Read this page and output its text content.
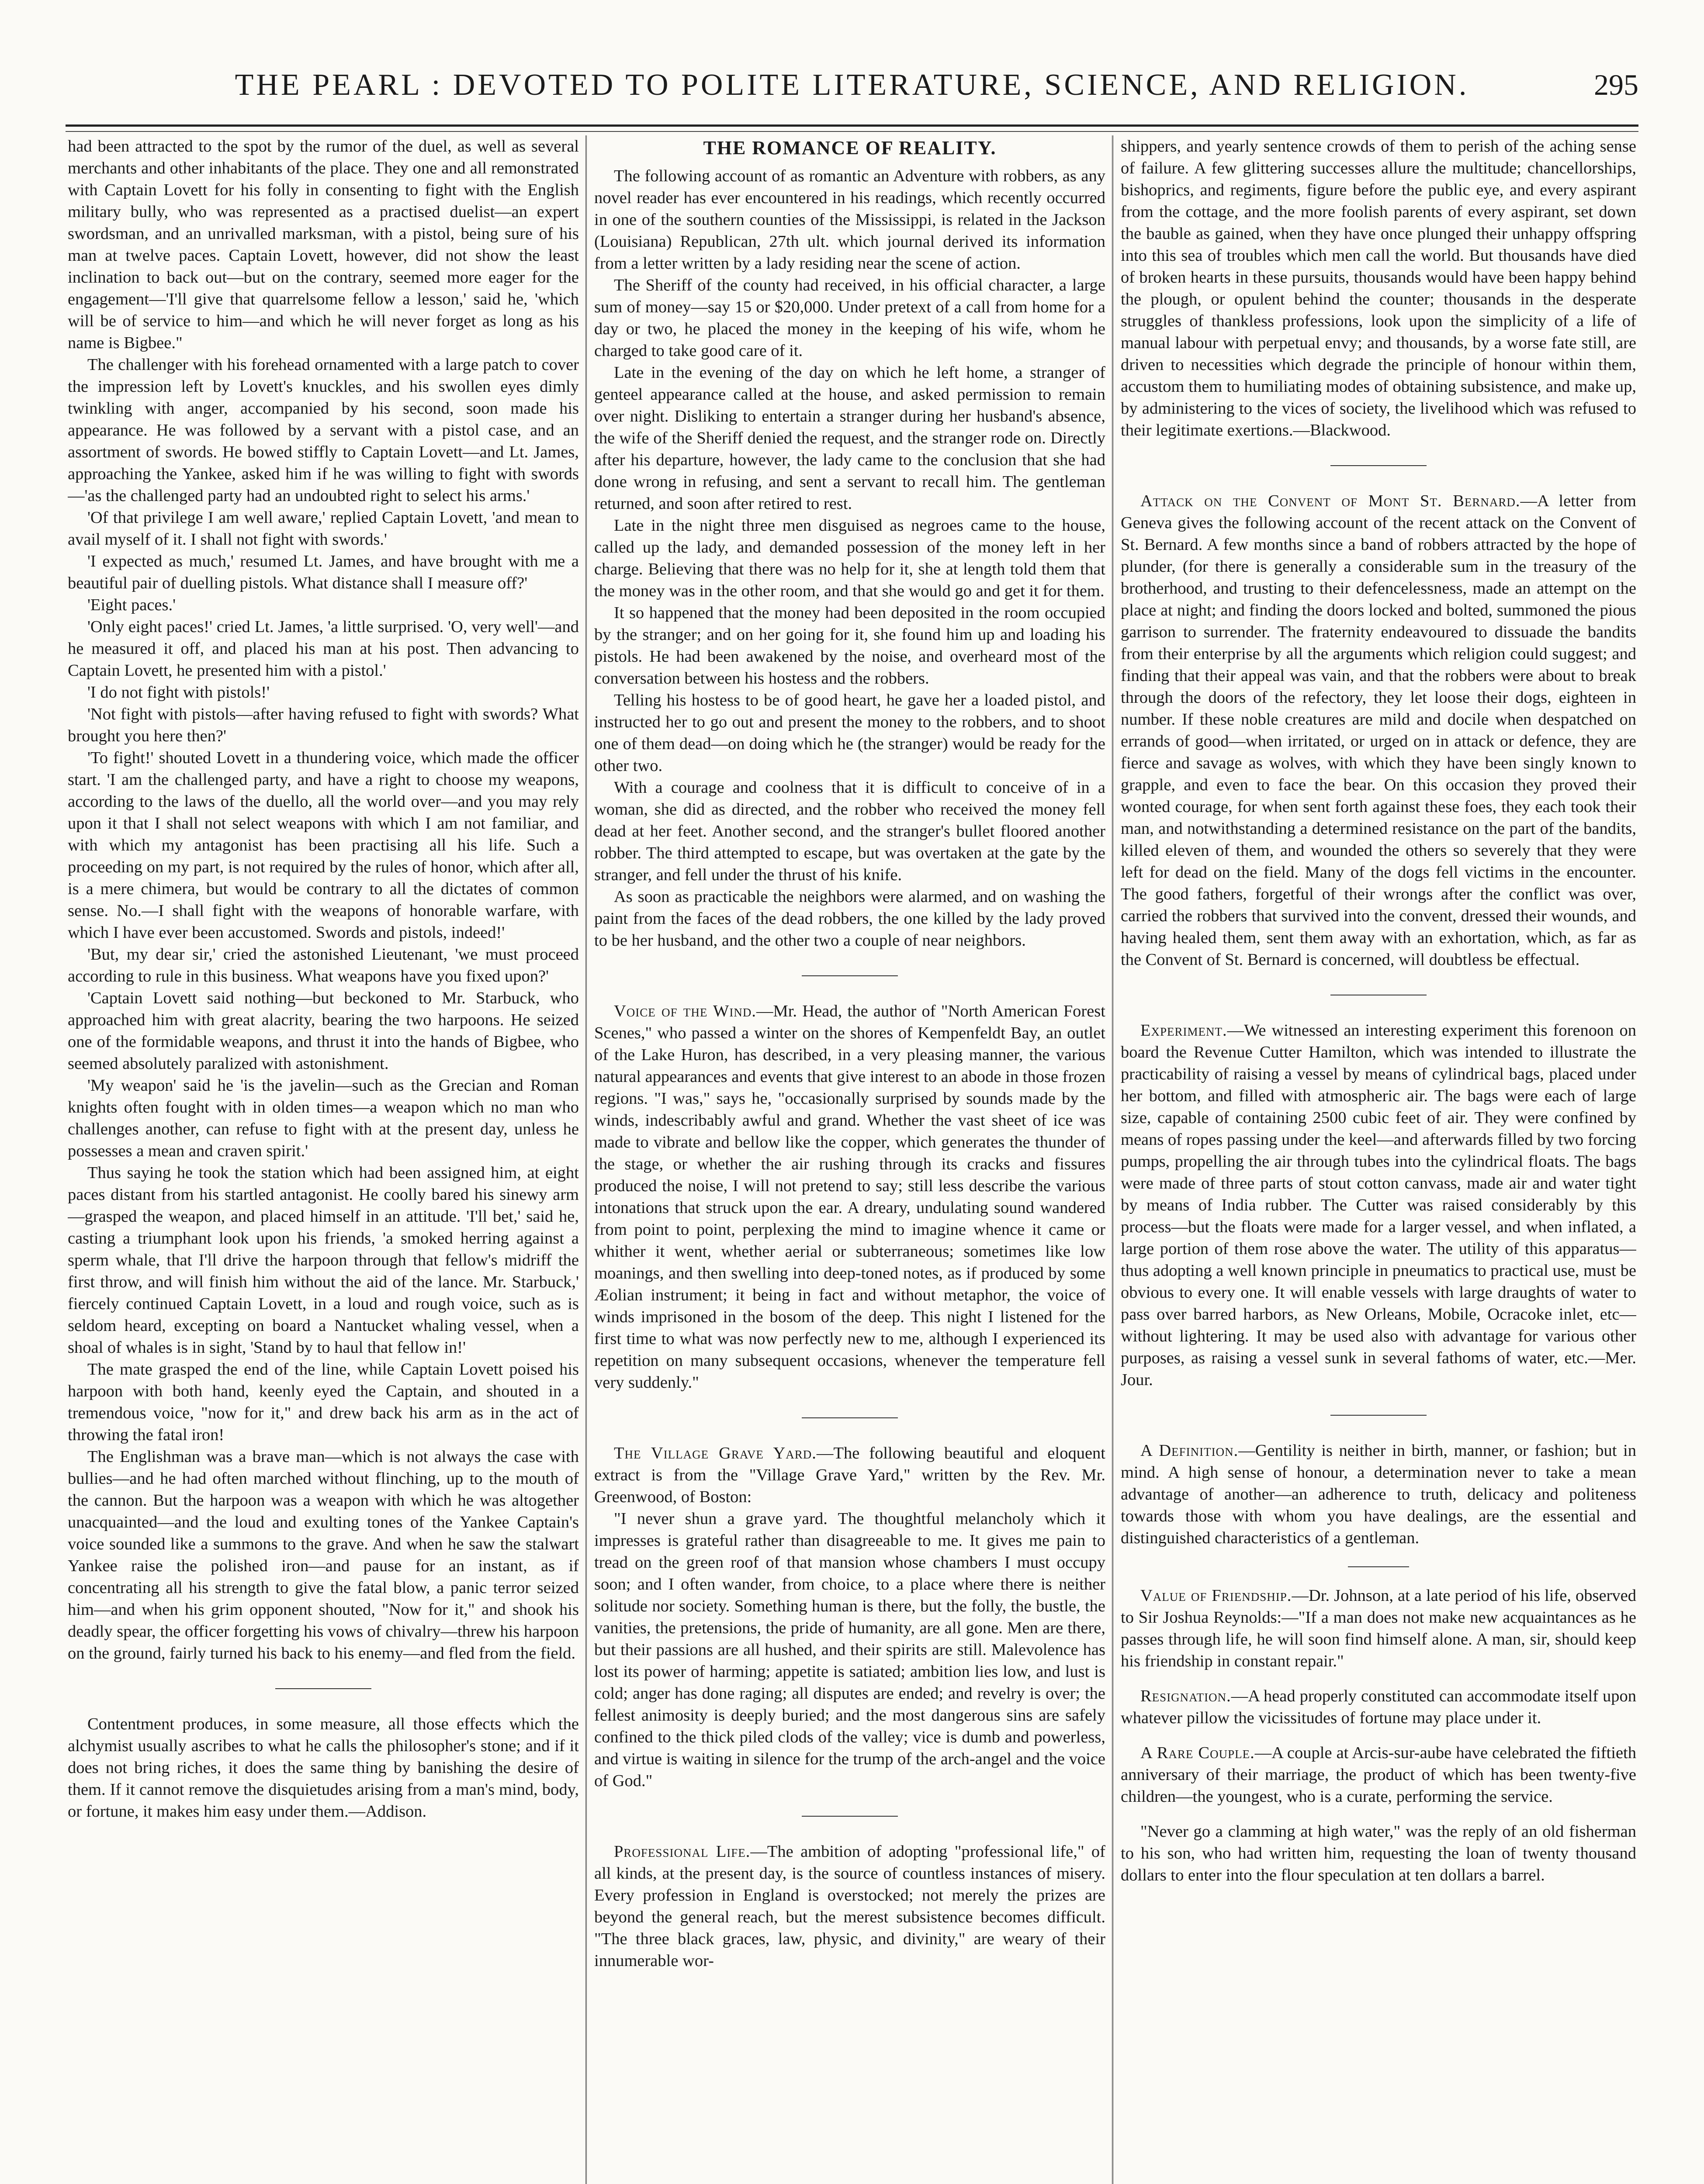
THE PEARL : DEVOTED TO POLITE LITERATURE, SCIENCE, AND RELIGION.	295

had been attracted to the spot by the rumor of the duel, as well as several merchants and other inhabitants of the place. They one and all remonstrated with Captain Lovett for his folly in consenting to fight with the English military bully, who was represented as a practised duelist—an expert swordsman, and an unrivalled marksman, with a pistol, being sure of his man at twelve paces. Captain Lovett, however, did not show the least inclination to back out—but on the contrary, seemed more eager for the engagement—'I'll give that quarrelsome fellow a lesson,' said he, 'which will be of service to him—and which he will never forget as long as his name is Bigbee."

The challenger with his forehead ornamented with a large patch to cover the impression left by Lovett's knuckles, and his swollen eyes dimly twinkling with anger, accompanied by his second, soon made his appearance. He was followed by a servant with a pistol case, and an assortment of swords. He bowed stiffly to Captain Lovett—and Lt. James, approaching the Yankee, asked him if he was willing to fight with swords—'as the challenged party had an undoubted right to select his arms.'

'Of that privilege I am well aware,' replied Captain Lovett, 'and mean to avail myself of it. I shall not fight with swords.'

'I expected as much,' resumed Lt. James, and have brought with me a beautiful pair of duelling pistols. What distance shall I measure off?'

'Eight paces.'

'Only eight paces!' cried Lt. James, 'a little surprised. 'O, very well'—and he measured it off, and placed his man at his post. Then advancing to Captain Lovett, he presented him with a pistol.'

'I do not fight with pistols!'

'Not fight with pistols—after having refused to fight with swords? What brought you here then?'

'To fight!' shouted Lovett in a thundering voice, which made the officer start. 'I am the challenged party, and have a right to choose my weapons, according to the laws of the duello, all the world over—and you may rely upon it that I shall not select weapons with which I am not familiar, and with which my antagonist has been practising all his life. Such a proceeding on my part, is not required by the rules of honor, which after all, is a mere chimera, but would be contrary to all the dictates of common sense. No.—I shall fight with the weapons of honorable warfare, with which I have ever been accustomed. Swords and pistols, indeed!'

'But, my dear sir,' cried the astonished Lieutenant, 'we must proceed according to rule in this business. What weapons have you fixed upon?'

'Captain Lovett said nothing—but beckoned to Mr. Starbuck, who approached him with great alacrity, bearing the two harpoons. He seized one of the formidable weapons, and thrust it into the hands of Bigbee, who seemed absolutely paralized with astonishment.

'My weapon' said he 'is the javelin—such as the Grecian and Roman knights often fought with in olden times—a weapon which no man who challenges another, can refuse to fight with at the present day, unless he possesses a mean and craven spirit.'

Thus saying he took the station which had been assigned him, at eight paces distant from his startled antagonist. He coolly bared his sinewy arm—grasped the weapon, and placed himself in an attitude. 'I'll bet,' said he, casting a triumphant look upon his friends, 'a smoked herring against a sperm whale, that I'll drive the harpoon through that fellow's midriff the first throw, and will finish him without the aid of the lance. Mr. Starbuck,' fiercely continued Captain Lovett, in a loud and rough voice, such as is seldom heard, excepting on board a Nantucket whaling vessel, when a shoal of whales is in sight, 'Stand by to haul that fellow in!'

The mate grasped the end of the line, while Captain Lovett poised his harpoon with both hand, keenly eyed the Captain, and shouted in a tremendous voice, "now for it," and drew back his arm as in the act of throwing the fatal iron!

The Englishman was a brave man—which is not always the case with bullies—and he had often marched without flinching, up to the mouth of the cannon. But the harpoon was a weapon with which he was altogether unacquainted—and the loud and exulting tones of the Yankee Captain's voice sounded like a summons to the grave. And when he saw the stalwart Yankee raise the polished iron—and pause for an instant, as if concentrating all his strength to give the fatal blow, a panic terror seized him—and when his grim opponent shouted, "Now for it," and shook his deadly spear, the officer forgetting his vows of chivalry—threw his harpoon on the ground, fairly turned his back to his enemy—and fled from the field.

Contentment produces, in some measure, all those effects which the alchymist usually ascribes to what he calls the philosopher's stone; and if it does not bring riches, it does the same thing by banishing the desire of them. If it cannot remove the disquietudes arising from a man's mind, body, or fortune, it makes him easy under them.—Addison.

THE ROMANCE OF REALITY.

The following account of as romantic an Adventure with robbers, as any novel reader has ever encountered in his readings, which recently occurred in one of the southern counties of the Mississippi, is related in the Jackson (Louisiana) Republican, 27th ult. which journal derived its information from a letter written by a lady residing near the scene of action.

The Sheriff of the county had received, in his official character, a large sum of money—say 15 or $20,000. Under pretext of a call from home for a day or two, he placed the money in the keeping of his wife, whom he charged to take good care of it.

Late in the evening of the day on which he left home, a stranger of genteel appearance called at the house, and asked permission to remain over night. Disliking to entertain a stranger during her husband's absence, the wife of the Sheriff denied the request, and the stranger rode on. Directly after his departure, however, the lady came to the conclusion that she had done wrong in refusing, and sent a servant to recall him. The gentleman returned, and soon after retired to rest.

Late in the night three men disguised as negroes came to the house, called up the lady, and demanded possession of the money left in her charge. Believing that there was no help for it, she at length told them that the money was in the other room, and that she would go and get it for them.

It so happened that the money had been deposited in the room occupied by the stranger; and on her going for it, she found him up and loading his pistols. He had been awakened by the noise, and overheard most of the conversation between his hostess and the robbers.

Telling his hostess to be of good heart, he gave her a loaded pistol, and instructed her to go out and present the money to the robbers, and to shoot one of them dead—on doing which he (the stranger) would be ready for the other two.

With a courage and coolness that it is difficult to conceive of in a woman, she did as directed, and the robber who received the money fell dead at her feet. Another second, and the stranger's bullet floored another robber. The third attempted to escape, but was overtaken at the gate by the stranger, and fell under the thrust of his knife.

As soon as practicable the neighbors were alarmed, and on washing the paint from the faces of the dead robbers, the one killed by the lady proved to be her husband, and the other two a couple of near neighbors.

Voice of the Wind.—Mr. Head, the author of "North American Forest Scenes," who passed a winter on the shores of Kempenfeldt Bay, an outlet of the Lake Huron, has described, in a very pleasing manner, the various natural appearances and events that give interest to an abode in those frozen regions. "I was," says he, "occasionally surprised by sounds made by the winds, indescribably awful and grand. Whether the vast sheet of ice was made to vibrate and bellow like the copper, which generates the thunder of the stage, or whether the air rushing through its cracks and fissures produced the noise, I will not pretend to say; still less describe the various intonations that struck upon the ear. A dreary, undulating sound wandered from point to point, perplexing the mind to imagine whence it came or whither it went, whether aerial or subterraneous; sometimes like low moanings, and then swelling into deep-toned notes, as if produced by some Æolian instrument; it being in fact and without metaphor, the voice of winds imprisoned in the bosom of the deep. This night I listened for the first time to what was now perfectly new to me, although I experienced its repetition on many subsequent occasions, whenever the temperature fell very suddenly."

The Village Grave Yard.—The following beautiful and eloquent extract is from the "Village Grave Yard," written by the Rev. Mr. Greenwood, of Boston:

"I never shun a grave yard. The thoughtful melancholy which it impresses is grateful rather than disagreeable to me. It gives me pain to tread on the green roof of that mansion whose chambers I must occupy soon; and I often wander, from choice, to a place where there is neither solitude nor society. Something human is there, but the folly, the bustle, the vanities, the pretensions, the pride of humanity, are all gone. Men are there, but their passions are all hushed, and their spirits are still. Malevolence has lost its power of harming; appetite is satiated; ambition lies low, and lust is cold; anger has done raging; all disputes are ended; and revelry is over; the fellest animosity is deeply buried; and the most dangerous sins are safely confined to the thick piled clods of the valley; vice is dumb and powerless, and virtue is waiting in silence for the trump of the arch-angel and the voice of God."

Professional Life.—The ambition of adopting "professional life," of all kinds, at the present day, is the source of countless instances of misery. Every profession in England is overstocked; not merely the prizes are beyond the general reach, but the merest subsistence becomes difficult. "The three black graces, law, physic, and divinity," are weary of their innumerable wor-

shippers, and yearly sentence crowds of them to perish of the aching sense of failure. A few glittering successes allure the multitude; chancellorships, bishoprics, and regiments, figure before the public eye, and every aspirant from the cottage, and the more foolish parents of every aspirant, set down the bauble as gained, when they have once plunged their unhappy offspring into this sea of troubles which men call the world. But thousands have died of broken hearts in these pursuits, thousands would have been happy behind the plough, or opulent behind the counter; thousands in the desperate struggles of thankless professions, look upon the simplicity of a life of manual labour with perpetual envy; and thousands, by a worse fate still, are driven to necessities which degrade the principle of honour within them, accustom them to humiliating modes of obtaining subsistence, and make up, by administering to the vices of society, the livelihood which was refused to their legitimate exertions.—Blackwood.

Attack on the Convent of Mont St. Bernard.—A letter from Geneva gives the following account of the recent attack on the Convent of St. Bernard. A few months since a band of robbers attracted by the hope of plunder, (for there is generally a considerable sum in the treasury of the brotherhood, and trusting to their defencelessness, made an attempt on the place at night; and finding the doors locked and bolted, summoned the pious garrison to surrender. The fraternity endeavoured to dissuade the bandits from their enterprise by all the arguments which religion could suggest; and finding that their appeal was vain, and that the robbers were about to break through the doors of the refectory, they let loose their dogs, eighteen in number. If these noble creatures are mild and docile when despatched on errands of good—when irritated, or urged on in attack or defence, they are fierce and savage as wolves, with which they have been singly known to grapple, and even to face the bear. On this occasion they proved their wonted courage, for when sent forth against these foes, they each took their man, and notwithstanding a determined resistance on the part of the bandits, killed eleven of them, and wounded the others so severely that they were left for dead on the field. Many of the dogs fell victims in the encounter. The good fathers, forgetful of their wrongs after the conflict was over, carried the robbers that survived into the convent, dressed their wounds, and having healed them, sent them away with an exhortation, which, as far as the Convent of St. Bernard is concerned, will doubtless be effectual.

Experiment.—We witnessed an interesting experiment this forenoon on board the Revenue Cutter Hamilton, which was intended to illustrate the practicability of raising a vessel by means of cylindrical bags, placed under her bottom, and filled with atmospheric air. The bags were each of large size, capable of containing 2500 cubic feet of air. They were confined by means of ropes passing under the keel—and afterwards filled by two forcing pumps, propelling the air through tubes into the cylindrical floats. The bags were made of three parts of stout cotton canvass, made air and water tight by means of India rubber. The Cutter was raised considerably by this process—but the floats were made for a larger vessel, and when inflated, a large portion of them rose above the water. The utility of this apparatus—thus adopting a well known principle in pneumatics to practical use, must be obvious to every one. It will enable vessels with large draughts of water to pass over barred harbors, as New Orleans, Mobile, Ocracoke inlet, etc—without lightering. It may be used also with advantage for various other purposes, as raising a vessel sunk in several fathoms of water, etc.—Mer. Jour.

A Definition.—Gentility is neither in birth, manner, or fashion; but in mind. A high sense of honour, a determination never to take a mean advantage of another—an adherence to truth, delicacy and politeness towards those with whom you have dealings, are the essential and distinguished characteristics of a gentleman.

Value of Friendship.—Dr. Johnson, at a late period of his life, observed to Sir Joshua Reynolds:—"If a man does not make new acquaintances as he passes through life, he will soon find himself alone. A man, sir, should keep his friendship in constant repair."

Resignation.—A head properly constituted can accommodate itself upon whatever pillow the vicissitudes of fortune may place under it.

A Rare Couple.—A couple at Arcis-sur-aube have celebrated the fiftieth anniversary of their marriage, the product of which has been twenty-five children—the youngest, who is a curate, performing the service.

"Never go a clamming at high water," was the reply of an old fisherman to his son, who had written him, requesting the loan of twenty thousand dollars to enter into the flour speculation at ten dollars a barrel.
